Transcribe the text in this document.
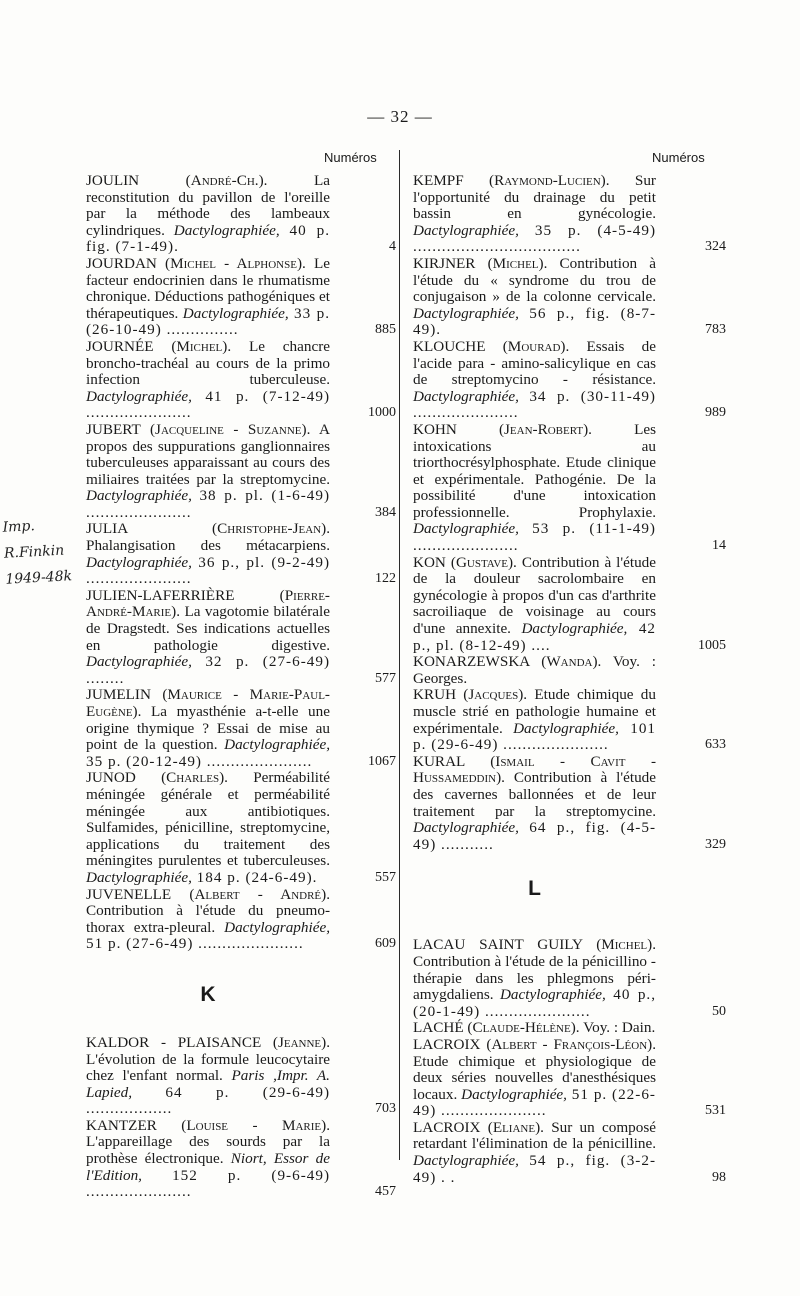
— 32 —
Numéros	Numéros
Imp.
R.Finkin
1949-48k
JOULIN (André-Ch.). La reconstitution du pavillon de l'oreille par la méthode des lambeaux cylindriques. Dactylographiée, 40 p. fig. (7-1-49).	4
JOURDAN (Michel - Alphonse). Le facteur endocrinien dans le rhumatisme chronique. Déductions pathogéniques et thérapeutiques. Dactylographiée, 33 p. (26-10-49) ...............	885
JOURNÉE (Michel). Le chancre broncho-trachéal au cours de la primo infection tuberculeuse. Dactylographiée, 41 p. (7-12-49) ......................	1000
JUBERT (Jacqueline - Suzanne). A propos des suppurations ganglionnaires tuberculeuses apparaissant au cours des miliaires traitées par la streptomycine. Dactylographiée, 38 p. pl. (1-6-49) ......................	384
JULIA (Christophe-Jean). Phalangisation des métacarpiens. Dactylographiée, 36 p., pl. (9-2-49) ......................	122
JULIEN-LAFERRIÈRE (Pierre-André-Marie). La vagotomie bilatérale de Dragstedt. Ses indications actuelles en pathologie digestive. Dactylographiée, 32 p. (27-6-49) ........	577
JUMELIN (Maurice - Marie-Paul-Eugène). La myasthénie a-t-elle une origine thymique ? Essai de mise au point de la question. Dactylographiée, 35 p. (20-12-49) ......................	1067
JUNOD (Charles). Perméabilité méningée générale et perméabilité méningée aux antibiotiques. Sulfamides, pénicilline, streptomycine, applications du traitement des méningites purulentes et tuberculeuses. Dactylographiée, 184 p. (24-6-49).	557
JUVENELLE (Albert - André). Contribution à l'étude du pneumo-thorax extra-pleural. Dactylographiée, 51 p. (27-6-49) ......................	609
K
KALDOR - PLAISANCE (Jeanne). L'évolution de la formule leucocytaire chez l'enfant normal. Paris ,Impr. A. Lapied, 64 p. (29-6-49) ..................	703
KANTZER (Louise - Marie). L'appareillage des sourds par la prothèse électronique. Niort, Essor de l'Edition, 152 p. (9-6-49) ......................	457
KEMPF (Raymond-Lucien). Sur l'opportunité du drainage du petit bassin en gynécologie. Dactylographiée, 35 p. (4-5-49) ...................................	324
KIRJNER (Michel). Contribution à l'étude du « syndrome du trou de conjugaison » de la colonne cervicale. Dactylographiée, 56 p., fig. (8-7-49).	783
KLOUCHE (Mourad). Essais de l'acide para - amino-salicylique en cas de streptomycino - résistance. Dactylographiée, 34 p. (30-11-49) ......................	989
KOHN (Jean-Robert). Les intoxications au triorthocrésylphosphate. Etude clinique et expérimentale. Pathogénie. De la possibilité d'une intoxication professionnelle. Prophylaxie. Dactylographiée, 53 p. (11-1-49) ......................	14
KON (Gustave). Contribution à l'étude de la douleur sacrolombaire en gynécologie à propos d'un cas d'arthrite sacroiliaque de voisinage au cours d'une annexite. Dactylographiée, 42 p., pl. (8-12-49) ....	1005
KONARZEWSKA (Wanda). Voy. : Georges.
KRUH (Jacques). Etude chimique du muscle strié en pathologie humaine et expérimentale. Dactylographiée, 101 p. (29-6-49) ......................	633
KURAL (Ismail - Cavit - Hussameddin). Contribution à l'étude des cavernes ballonnées et de leur traitement par la streptomycine. Dactylographiée, 64 p., fig. (4-5-49) ...........	329
L
LACAU SAINT GUILY (Michel). Contribution à l'étude de la pénicillino - thérapie dans les phlegmons péri-amygdaliens. Dactylographiée, 40 p., (20-1-49) ......................	50
LACHÉ (Claude-Hélène). Voy. : Dain.
LACROIX (Albert - François-Léon). Etude chimique et physiologique de deux séries nouvelles d'anesthésiques locaux. Dactylographiée, 51 p. (22-6-49) ......................	531
LACROIX (Eliane). Sur un composé retardant l'élimination de la pénicilline. Dactylographiée, 54 p., fig. (3-2-49) . .	98
